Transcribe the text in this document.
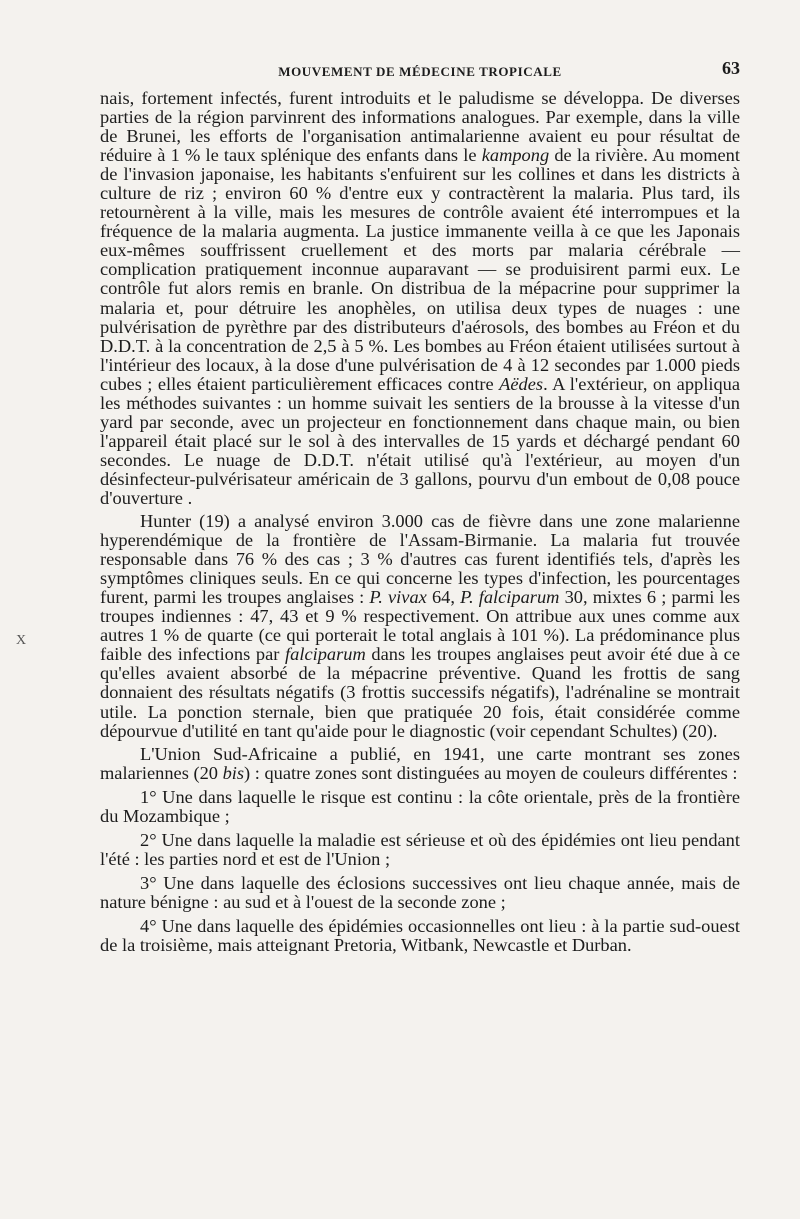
X
MOUVEMENT DE MÉDECINE TROPICALE	63

nais, fortement infectés, furent introduits et le paludisme se développa. De diverses parties de la région parvinrent des informations analogues. Par exemple, dans la ville de Brunei, les efforts de l'organisation antimalarienne avaient eu pour résultat de réduire à 1 % le taux splénique des enfants dans le kampong de la rivière. Au moment de l'invasion japonaise, les habitants s'enfuirent sur les collines et dans les districts à culture de riz ; environ 60 % d'entre eux y contractèrent la malaria. Plus tard, ils retournèrent à la ville, mais les mesures de contrôle avaient été interrompues et la fréquence de la malaria augmenta. La justice immanente veilla à ce que les Japonais eux-mêmes souffrissent cruellement et des morts par malaria cérébrale — complication pratiquement inconnue auparavant — se produisirent parmi eux. Le contrôle fut alors remis en branle. On distribua de la mépacrine pour supprimer la malaria et, pour détruire les anophèles, on utilisa deux types de nuages : une pulvérisation de pyrèthre par des distributeurs d'aérosols, des bombes au Fréon et du D.D.T. à la concentration de 2,5 à 5 %. Les bombes au Fréon étaient utilisées surtout à l'intérieur des locaux, à la dose d'une pulvérisation de 4 à 12 secondes par 1.000 pieds cubes ; elles étaient particulièrement efficaces contre Aëdes. A l'extérieur, on appliqua les méthodes suivantes : un homme suivait les sentiers de la brousse à la vitesse d'un yard par seconde, avec un projecteur en fonctionnement dans chaque main, ou bien l'appareil était placé sur le sol à des intervalles de 15 yards et déchargé pendant 60 secondes. Le nuage de D.D.T. n'était utilisé qu'à l'extérieur, au moyen d'un désinfecteur-pulvérisateur américain de 3 gallons, pourvu d'un embout de 0,08 pouce d'ouverture .

Hunter (19) a analysé environ 3.000 cas de fièvre dans une zone malarienne hyperendémique de la frontière de l'Assam-Birmanie. La malaria fut trouvée responsable dans 76 % des cas ; 3 % d'autres cas furent identifiés tels, d'après les symptômes cliniques seuls. En ce qui concerne les types d'infection, les pourcentages furent, parmi les troupes anglaises : P. vivax 64, P. falciparum 30, mixtes 6 ; parmi les troupes indiennes : 47, 43 et 9 % respectivement. On attribue aux unes comme aux autres 1 % de quarte (ce qui porterait le total anglais à 101 %). La prédominance plus faible des infections par falciparum dans les troupes anglaises peut avoir été due à ce qu'elles avaient absorbé de la mépacrine préventive. Quand les frottis de sang donnaient des résultats négatifs (3 frottis successifs négatifs), l'adrénaline se montrait utile. La ponction sternale, bien que pratiquée 20 fois, était considérée comme dépourvue d'utilité en tant qu'aide pour le diagnostic (voir cependant Schultes) (20).

L'Union Sud-Africaine a publié, en 1941, une carte montrant ses zones malariennes (20 bis) : quatre zones sont distinguées au moyen de couleurs différentes :

1° Une dans laquelle le risque est continu : la côte orientale, près de la frontière du Mozambique ;

2° Une dans laquelle la maladie est sérieuse et où des épidémies ont lieu pendant l'été : les parties nord et est de l'Union ;

3° Une dans laquelle des éclosions successives ont lieu chaque année, mais de nature bénigne : au sud et à l'ouest de la seconde zone ;

4° Une dans laquelle des épidémies occasionnelles ont lieu : à la partie sud-ouest de la troisième, mais atteignant Pretoria, Witbank, Newcastle et Durban.
